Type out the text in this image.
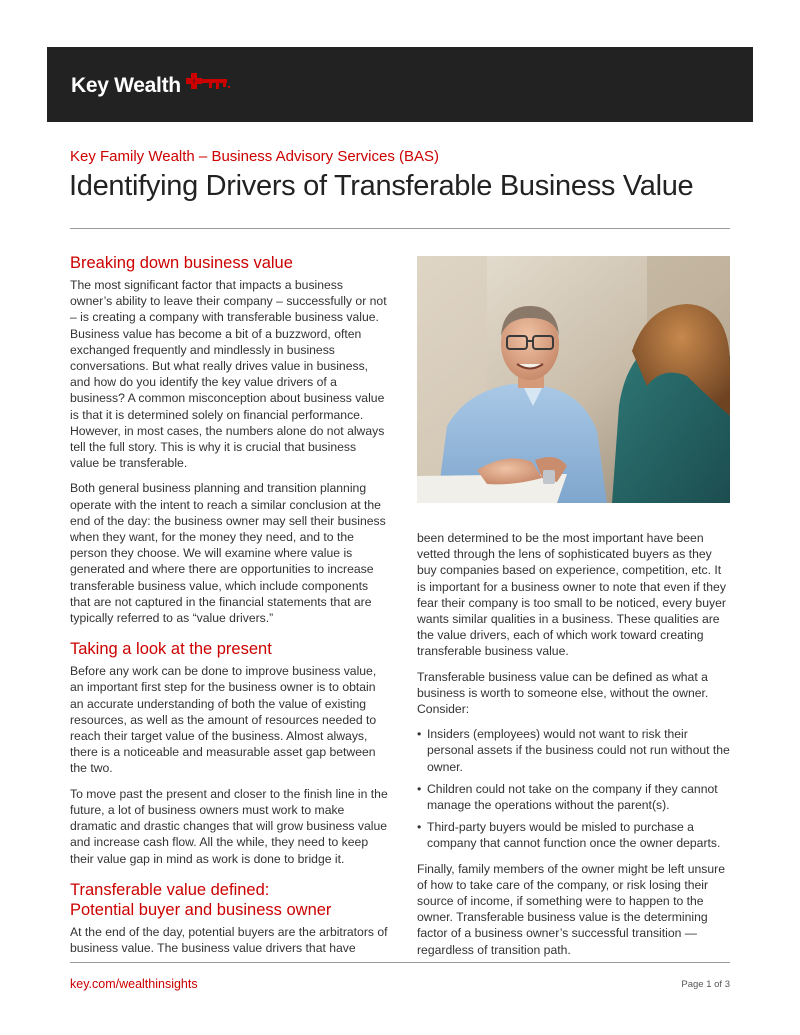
Key Wealth
Key Family Wealth – Business Advisory Services (BAS)
Identifying Drivers of Transferable Business Value
Breaking down business value

The most significant factor that impacts a business owner’s ability to leave their company – successfully or not – is creating a company with transferable business value. Business value has become a bit of a buzzword, often exchanged frequently and mindlessly in business conversations. But what really drives value in business, and how do you identify the key value drivers of a business? A common misconception about business value is that it is determined solely on financial performance. However, in most cases, the numbers alone do not always tell the full story. This is why it is crucial that business value be transferable.

Both general business planning and transition planning operate with the intent to reach a similar conclusion at the end of the day: the business owner may sell their business when they want, for the money they need, and to the person they choose. We will examine where value is generated and where there are opportunities to increase transferable business value, which include components that are not captured in the financial statements that are typically referred to as “value drivers.”

Taking a look at the present

Before any work can be done to improve business value, an important first step for the business owner is to obtain an accurate understanding of both the value of existing resources, as well as the amount of resources needed to reach their target value of the business. Almost always, there is a noticeable and measurable asset gap between the two.

To move past the present and closer to the finish line in the future, a lot of business owners must work to make dramatic and drastic changes that will grow business value and increase cash flow. All the while, they need to keep their value gap in mind as work is done to bridge it.

Transferable value defined:
Potential buyer and business owner

At the end of the day, potential buyers are the arbitrators of business value. The business value drivers that have

been determined to be the most important have been vetted through the lens of sophisticated buyers as they buy companies based on experience, competition, etc. It is important for a business owner to note that even if they fear their company is too small to be noticed, every buyer wants similar qualities in a business. These qualities are the value drivers, each of which work toward creating transferable business value.

Transferable business value can be defined as what a business is worth to someone else, without the owner. Consider:

• Insiders (employees) would not want to risk their personal assets if the business could not run without the owner.
• Children could not take on the company if they cannot manage the operations without the parent(s).
• Third-party buyers would be misled to purchase a company that cannot function once the owner departs.

Finally, family members of the owner might be left unsure of how to take care of the company, or risk losing their source of income, if something were to happen to the owner. Transferable business value is the determining factor of a business owner’s successful transition — regardless of transition path.

key.com/wealthinsights	Page 1 of 3
